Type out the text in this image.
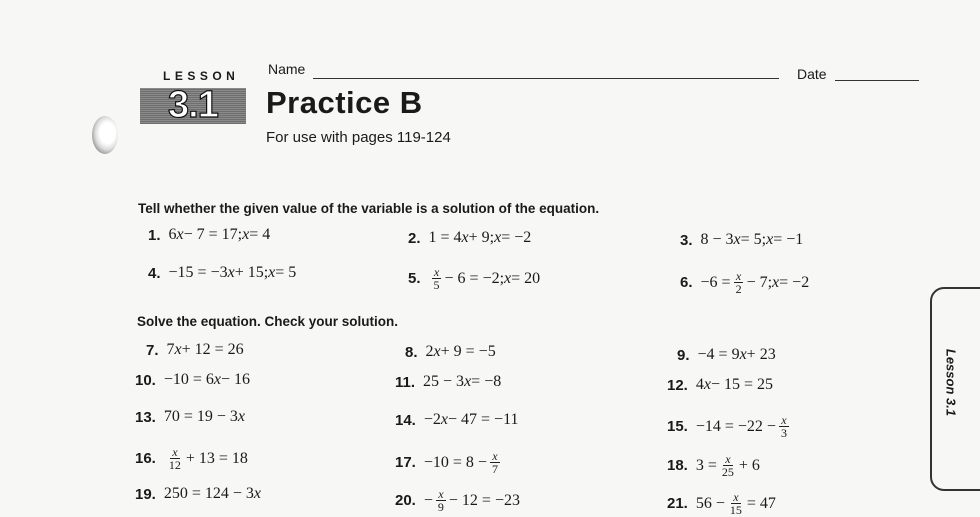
Name	Date
LESSON
3.1 Practice B
For use with pages 119-124
Tell whether the given value of the variable is a solution of the equation.
Solve the equation. Check your solution.
1. 6 x − 7 = 17; x = 4	2. 1 = 4 x + 9; x = −2	3. 8 − 3 x = 5; x = −1
4. −15 = −3 x + 15; x = 5	5. $\frac{x}{5} - 6 = -2$; x = 20	6. $-6 = \frac{x}{2} - 7$; x = −2
7. 7 x + 12 = 26	8. 2 x + 9 = −5	9. −4 = 9 x + 23
10. −10 = 6 x − 16	11. 25 − 3 x = −8	12. 4 x − 15 = 25
13. 70 = 19 − 3 x	14. −2 x − 47 = −11	15. $-14 = -22 - \frac{x}{3}$
16. $\frac{x}{12} + 13 = 18$	17. $-10 = 8 - \frac{x}{7}$	18. $3 = \frac{x}{25} + 6$
19. 250 = 124 − 3 x	20. − $\frac{x}{9} - 12 = -23$	21. $56 - \frac{x}{15} = 47$
Lesson 3.1
